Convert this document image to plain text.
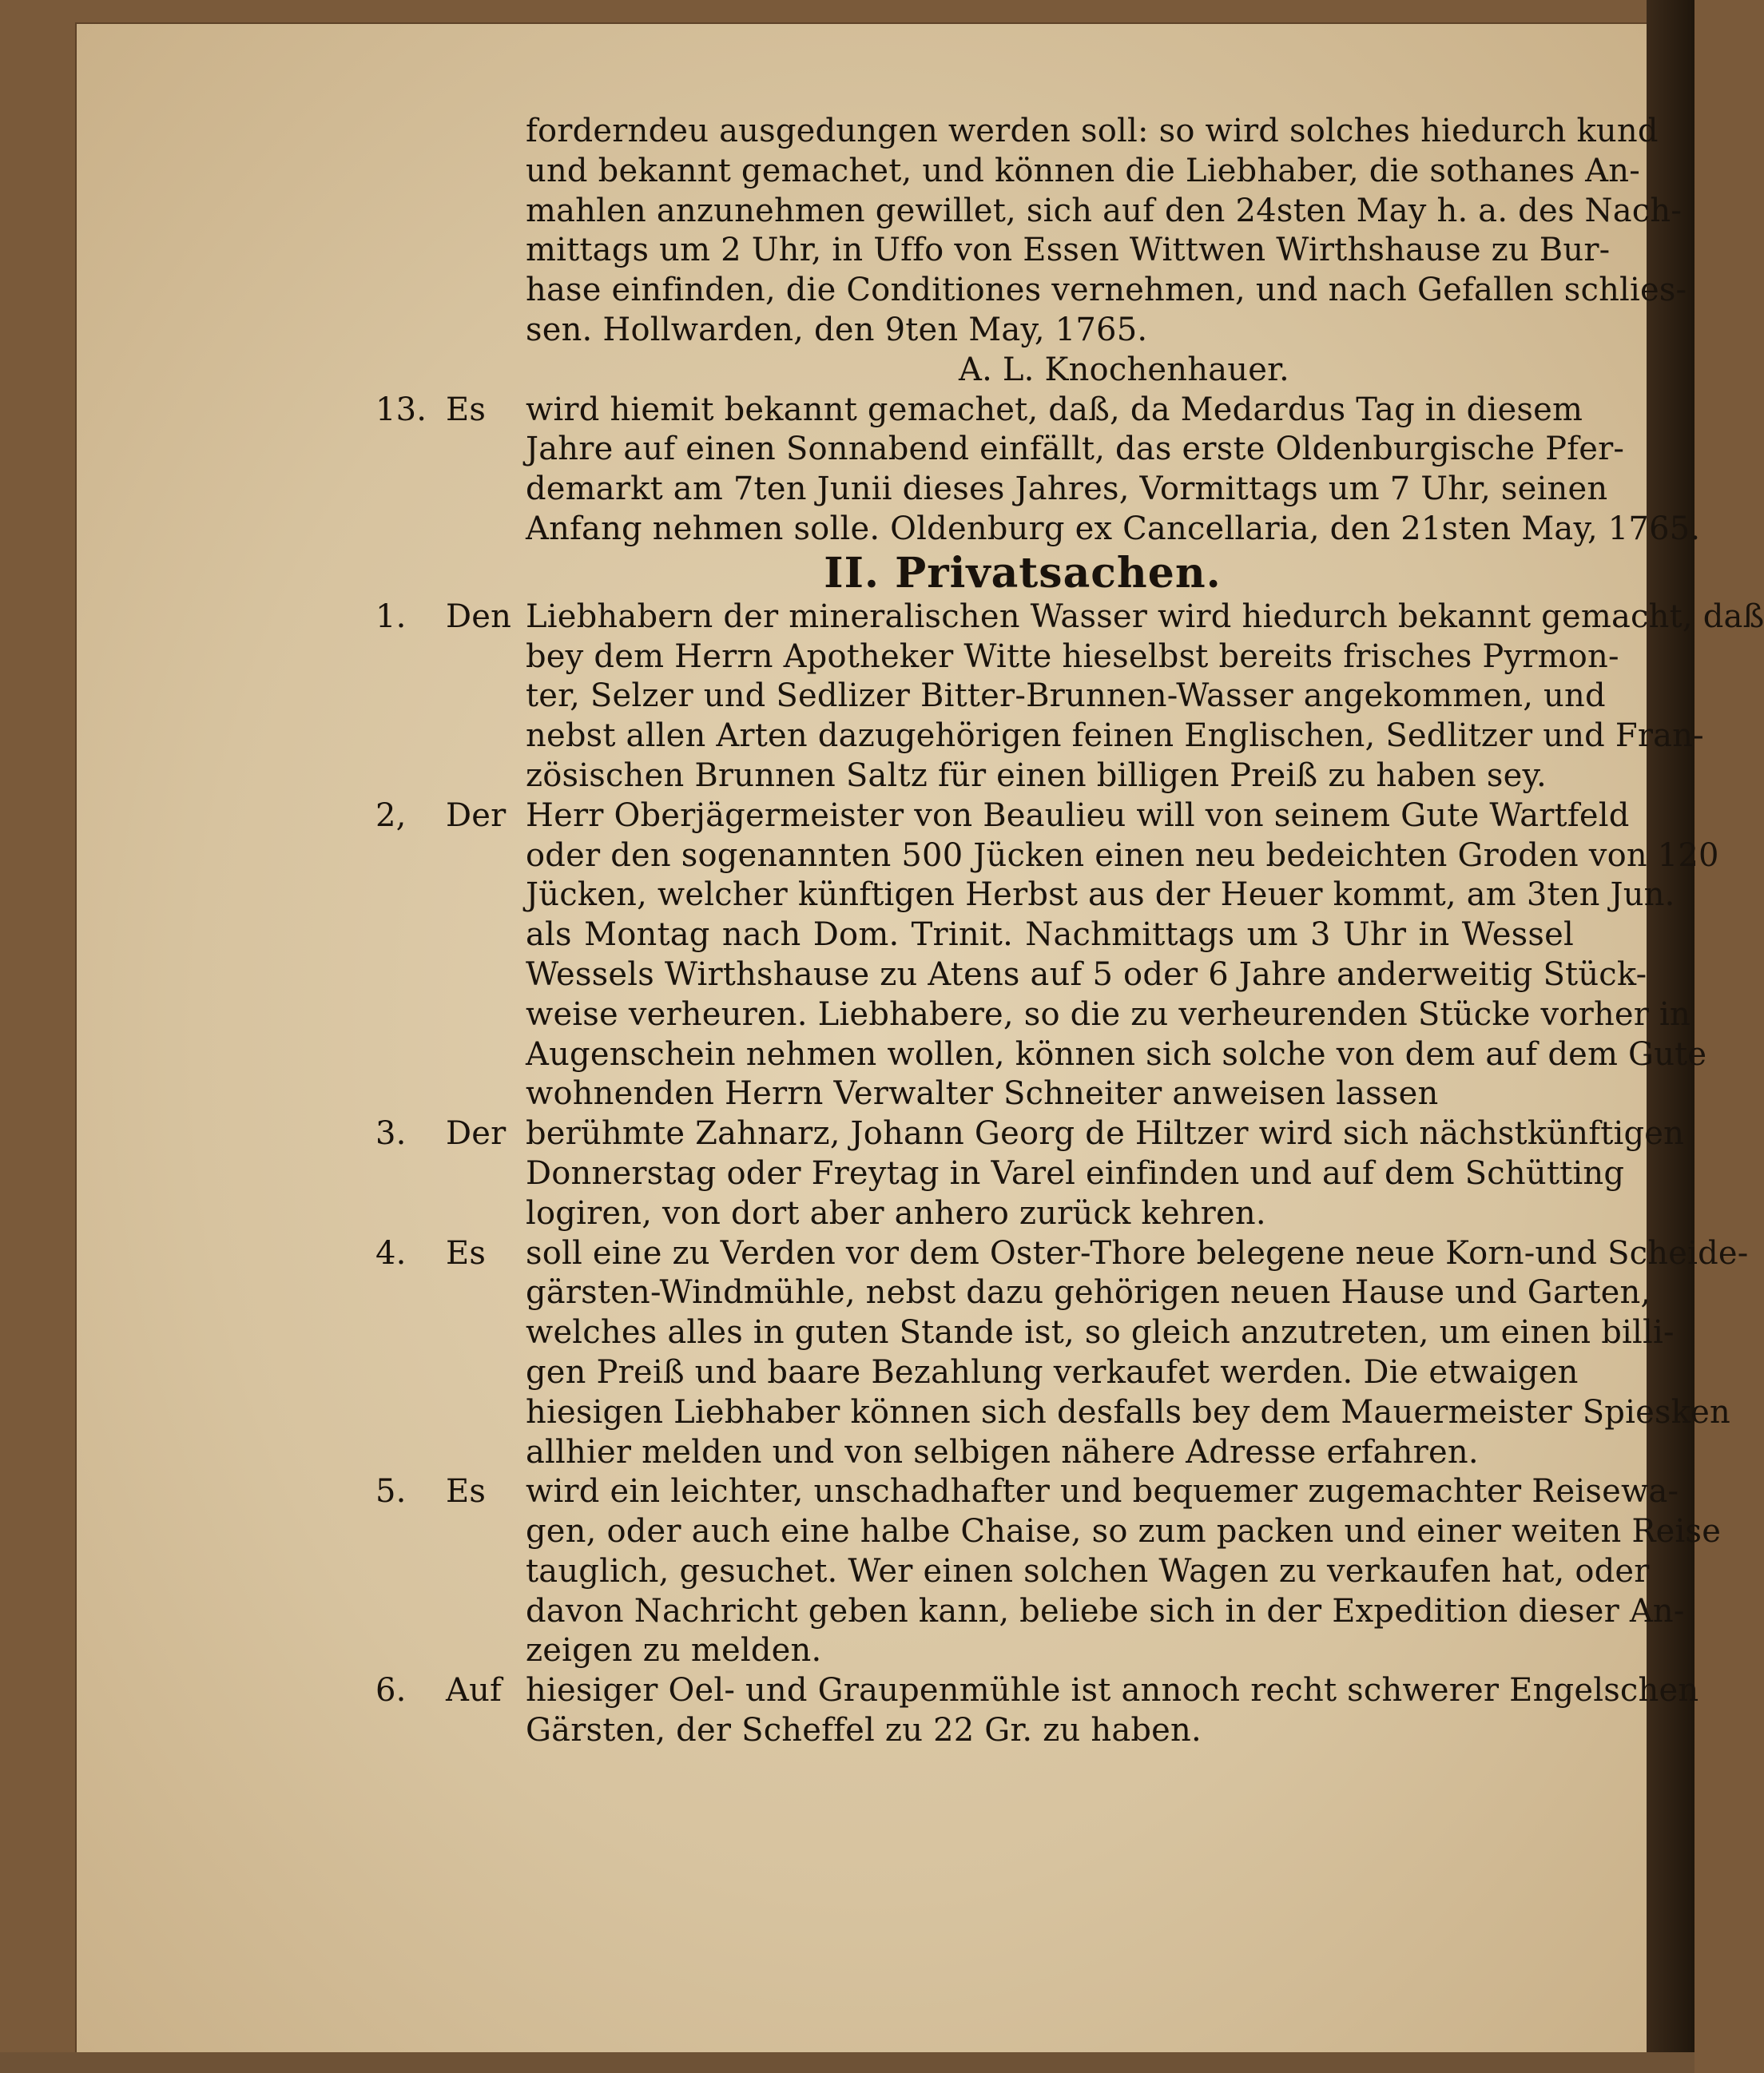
forderndeu ausgedungen werden soll: so wird solches hiedurch kund
und bekannt gemachet, und können die Liebhaber, die sothanes An-
mahlen anzunehmen gewillet, sich auf den 24sten May h. a. des Nach-
mittags um 2 Uhr, in Uffo von Essen Wittwen Wirthshause zu Bur-
hase einfinden, die Conditiones vernehmen, und nach Gefallen schlies-
sen. Hollwarden, den 9ten May, 1765.
A. L. Knochenhauer.
13. Es	wird hiemit bekannt gemachet, daß, da Medardus Tag in diesem
Jahre auf einen Sonnabend einfällt, das erste Oldenburgische Pfer-
demarkt am 7ten Junii dieses Jahres, Vormittags um 7 Uhr, seinen
Anfang nehmen solle. Oldenburg ex Cancellaria, den 21sten May, 1765.
II. Privatsachen.
1. Den Liebhabern der mineralischen Wasser wird hiedurch bekannt gemacht, daß
bey dem Herrn Apotheker Witte hieselbst bereits frisches Pyrmon-
ter, Selzer und Sedlizer Bitter-Brunnen-Wasser angekommen, und
nebst allen Arten dazugehörigen feinen Englischen, Sedlitzer und Fran-
zösischen Brunnen Saltz für einen billigen Preiß zu haben sey.
2, Der Herr Oberjägermeister von Beaulieu will von seinem Gute Wartfeld
oder den sogenannten 500 Jücken einen neu bedeichten Groden von 120
Jücken, welcher künftigen Herbst aus der Heuer kommt, am 3ten Jun.
als Montag nach Dom. Trinit. Nachmittags um 3 Uhr in Wessel
Wessels Wirthshause zu Atens auf 5 oder 6 Jahre anderweitig Stück-
weise verheuren. Liebhabere, so die zu verheurenden Stücke vorher in
Augenschein nehmen wollen, können sich solche von dem auf dem Gute
wohnenden Herrn Verwalter Schneiter anweisen lassen
3. Der berühmte Zahnarz, Johann Georg de Hiltzer wird sich nächstkünftigen
Donnerstag oder Freytag in Varel einfinden und auf dem Schütting
logiren, von dort aber anhero zurück kehren.
4. Es	soll eine zu Verden vor dem Oster-Thore belegene neue Korn-und Scheide-
gärsten-Windmühle, nebst dazu gehörigen neuen Hause und Garten,
welches alles in guten Stande ist, so gleich anzutreten, um einen billi-
gen Preiß und baare Bezahlung verkaufet werden. Die etwaigen
hiesigen Liebhaber können sich desfalls bey dem Mauermeister Spiesken
allhier melden und von selbigen nähere Adresse erfahren.
5. Es	wird ein leichter, unschadhafter und bequemer zugemachter Reisewa-
gen, oder auch eine halbe Chaise, so zum packen und einer weiten Reise
tauglich, gesuchet. Wer einen solchen Wagen zu verkaufen hat, oder
davon Nachricht geben kann, beliebe sich in der Expedition dieser An-
zeigen zu melden.
6. Auf hiesiger Oel- und Graupenmühle ist annoch recht schwerer Engelschen
Gärsten, der Scheffel zu 22 Gr. zu haben.
